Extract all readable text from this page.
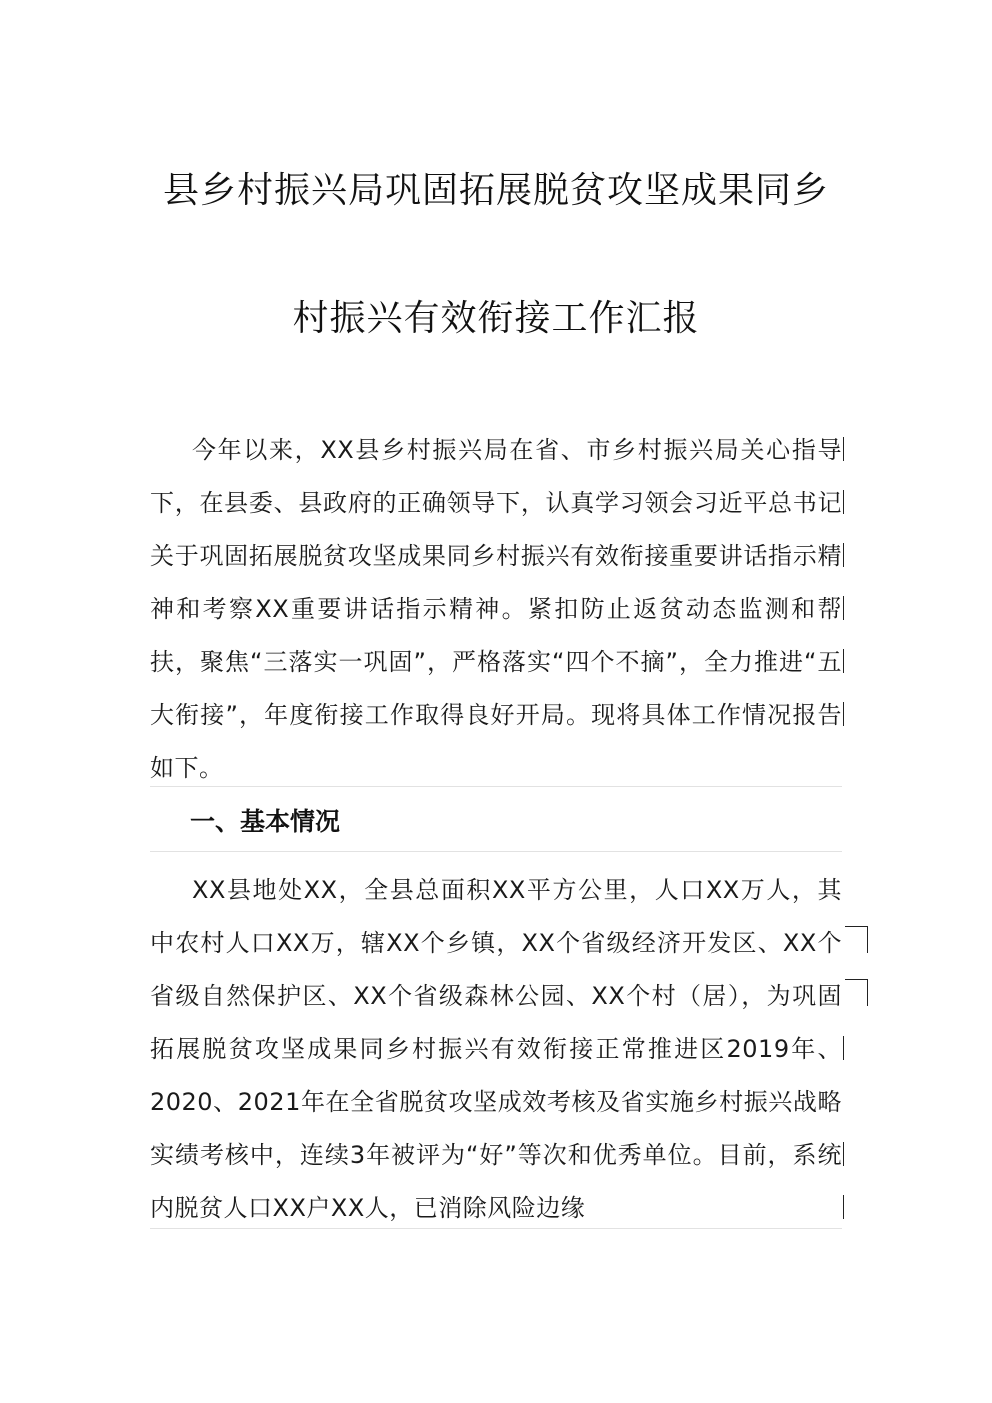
县乡村振兴局巩固拓展脱贫攻坚成果同乡
村振兴有效衔接工作汇报
今年以来，XX县乡村振兴局在省、市乡村振兴局关心指导下，在县委、县政府的正确领导下，认真学习领会习近平总书记关于巩固拓展脱贫攻坚成果同乡村振兴有效衔接重要讲话指示精神和考察XX重要讲话指示精神。紧扣防止返贫动态监测和帮扶，聚焦“三落实一巩固”，严格落实“四个不摘”，全力推进“五大衔接”，年度衔接工作取得良好开局。现将具体工作情况报告如下。
一、基本情况
XX县地处XX，全县总面积XX平方公里，人口XX万人，其中农村人口XX万，辖XX个乡镇，XX个省级经济开发区、XX个省级自然保护区、XX个省级森林公园、XX个村（居），为巩固拓展脱贫攻坚成果同乡村振兴有效衔接正常推进区2019年、2020、2021年在全省脱贫攻坚成效考核及省实施乡村振兴战略实绩考核中，连续3年被评为“好”等次和优秀单位。目前，系统内脱贫人口XX户XX人，已消除风险边缘
